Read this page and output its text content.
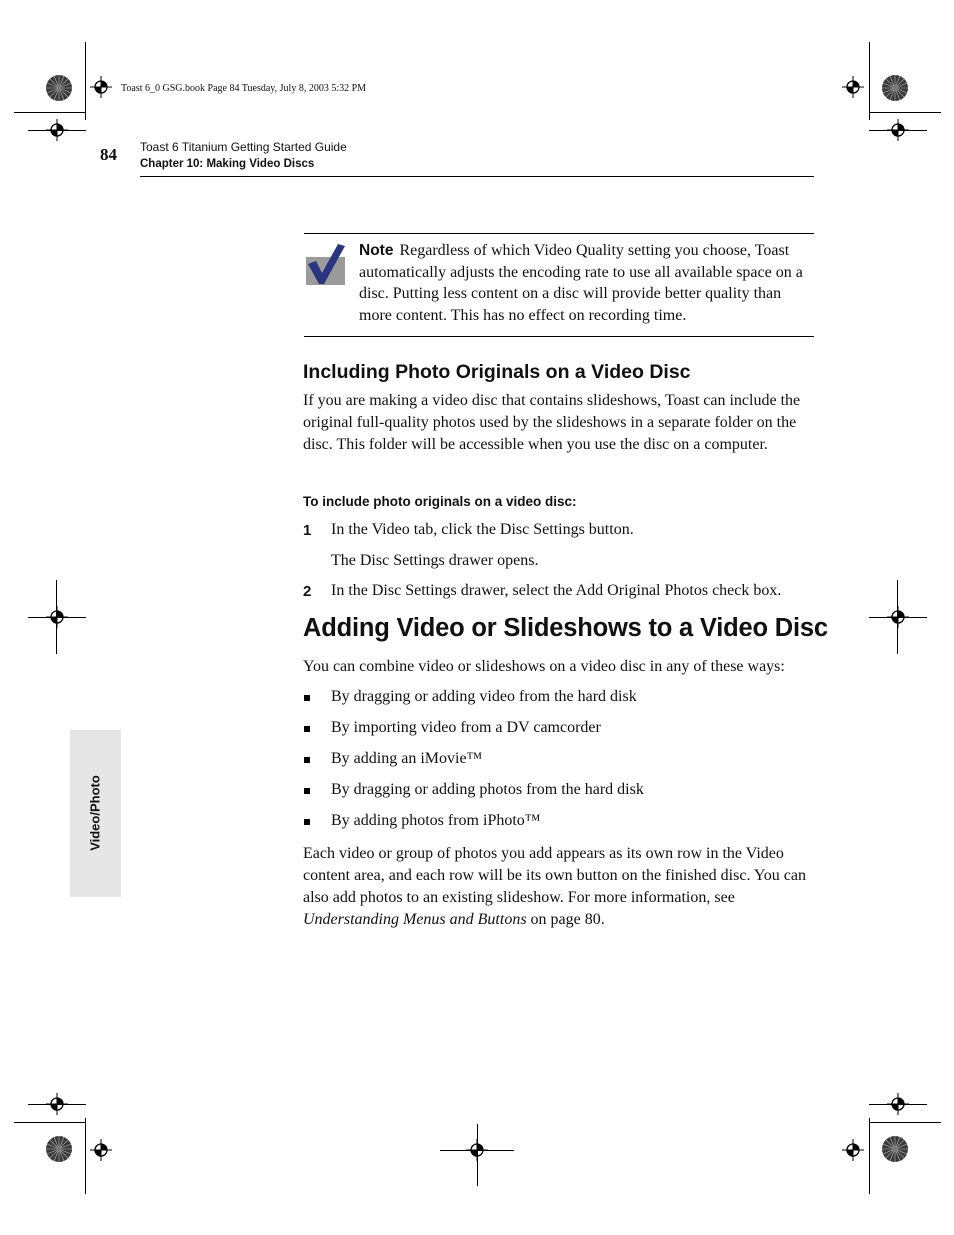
Toast 6_0 GSG.book Page 84 Tuesday, July 8, 2003 5:32 PM
84 Toast 6 Titanium Getting Started Guide
Chapter 10: Making Video Discs
Note Regardless of which Video Quality setting you choose, Toast automatically adjusts the encoding rate to use all available space on a disc. Putting less content on a disc will provide better quality than more content. This has no effect on recording time.
Including Photo Originals on a Video Disc
If you are making a video disc that contains slideshows, Toast can include the original full-quality photos used by the slideshows in a separate folder on the disc. This folder will be accessible when you use the disc on a computer.
To include photo originals on a video disc:
1 In the Video tab, click the Disc Settings button.
The Disc Settings drawer opens.
2 In the Disc Settings drawer, select the Add Original Photos check box.
Adding Video or Slideshows to a Video Disc
You can combine video or slideshows on a video disc in any of these ways:
By dragging or adding video from the hard disk
By importing video from a DV camcorder
By adding an iMovie™
By dragging or adding photos from the hard disk
By adding photos from iPhoto™
Each video or group of photos you add appears as its own row in the Video content area, and each row will be its own button on the finished disc. You can also add photos to an existing slideshow. For more information, see Understanding Menus and Buttons on page 80.
Video/Photo
